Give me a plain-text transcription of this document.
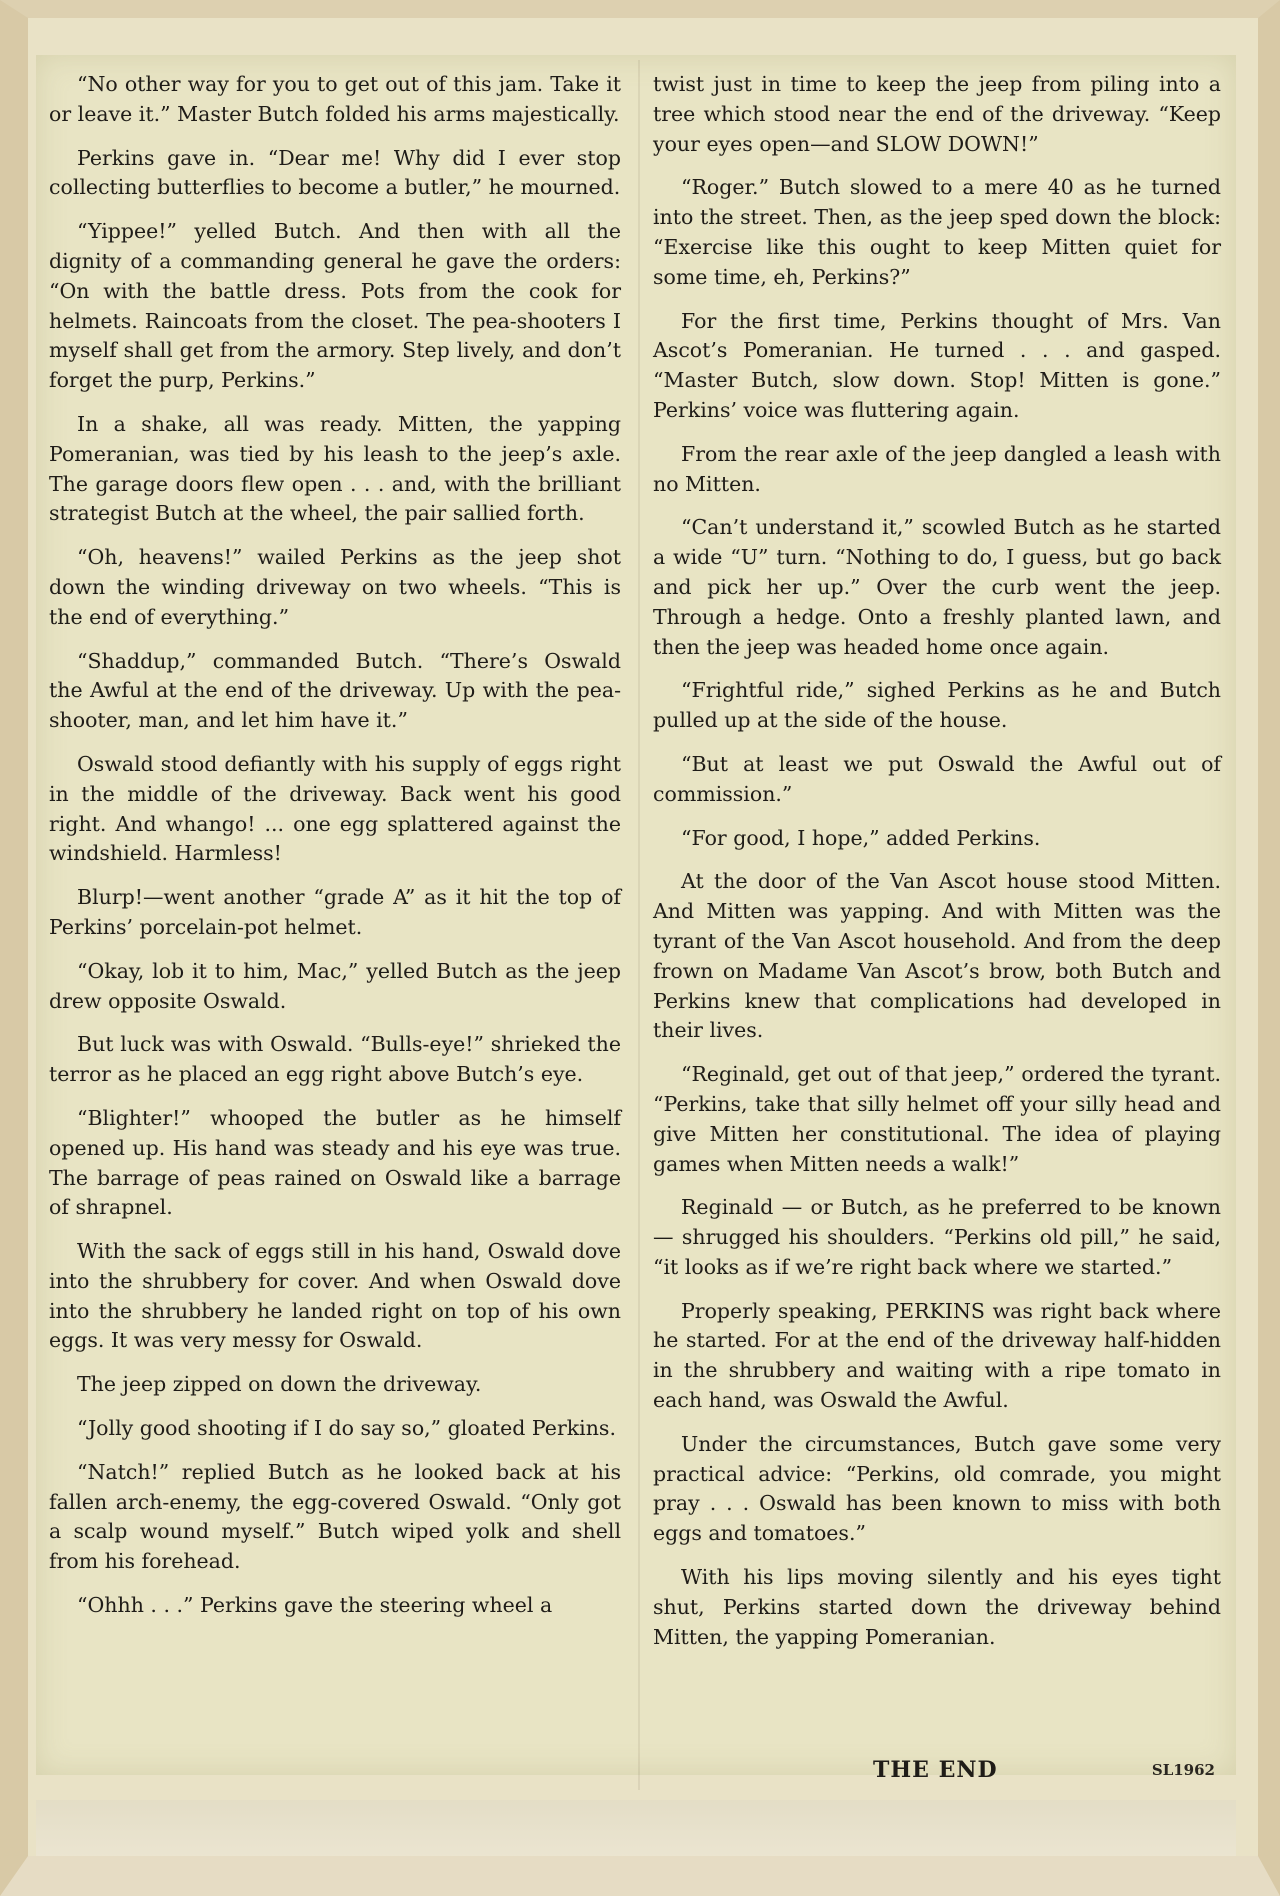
“No other way for you to get out of this jam. Take it or leave it.” Master Butch folded his arms majestically.

Perkins gave in. “Dear me! Why did I ever stop collecting butterflies to become a butler,” he mourned.

“Yippee!” yelled Butch. And then with all the dignity of a commanding general he gave the orders: “On with the battle dress. Pots from the cook for helmets. Raincoats from the closet. The pea-shooters I myself shall get from the armory. Step lively, and don’t forget the purp, Perkins.”

In a shake, all was ready. Mitten, the yapping Pomeranian, was tied by his leash to the jeep’s axle. The garage doors flew open . . . and, with the brilliant strategist Butch at the wheel, the pair sallied forth.

“Oh, heavens!” wailed Perkins as the jeep shot down the winding driveway on two wheels. “This is the end of everything.”

“Shaddup,” commanded Butch. “There’s Oswald the Awful at the end of the driveway. Up with the pea-shooter, man, and let him have it.”

Oswald stood defiantly with his supply of eggs right in the middle of the driveway. Back went his good right. And whango! ... one egg splattered against the windshield. Harmless!

Blurp!—went another “grade A” as it hit the top of Perkins’ porcelain-pot helmet.

“Okay, lob it to him, Mac,” yelled Butch as the jeep drew opposite Oswald.

But luck was with Oswald. “Bulls-eye!” shrieked the terror as he placed an egg right above Butch’s eye.

“Blighter!” whooped the butler as he himself opened up. His hand was steady and his eye was true. The barrage of peas rained on Oswald like a barrage of shrapnel.

With the sack of eggs still in his hand, Oswald dove into the shrubbery for cover. And when Oswald dove into the shrubbery he landed right on top of his own eggs. It was very messy for Oswald.

The jeep zipped on down the driveway.

“Jolly good shooting if I do say so,” gloated Perkins.

“Natch!” replied Butch as he looked back at his fallen arch-enemy, the egg-covered Oswald. “Only got a scalp wound myself.” Butch wiped yolk and shell from his forehead.

“Ohhh . . .” Perkins gave the steering wheel a

twist just in time to keep the jeep from piling into a tree which stood near the end of the driveway. “Keep your eyes open—and SLOW DOWN!”

“Roger.” Butch slowed to a mere 40 as he turned into the street. Then, as the jeep sped down the block: “Exercise like this ought to keep Mitten quiet for some time, eh, Perkins?”

For the first time, Perkins thought of Mrs. Van Ascot’s Pomeranian. He turned . . . and gasped. “Master Butch, slow down. Stop! Mitten is gone.” Perkins’ voice was fluttering again.

From the rear axle of the jeep dangled a leash with no Mitten.

“Can’t understand it,” scowled Butch as he started a wide “U” turn. “Nothing to do, I guess, but go back and pick her up.” Over the curb went the jeep. Through a hedge. Onto a freshly planted lawn, and then the jeep was headed home once again.

“Frightful ride,” sighed Perkins as he and Butch pulled up at the side of the house.

“But at least we put Oswald the Awful out of commission.”

“For good, I hope,” added Perkins.

At the door of the Van Ascot house stood Mitten. And Mitten was yapping. And with Mitten was the tyrant of the Van Ascot household. And from the deep frown on Madame Van Ascot’s brow, both Butch and Perkins knew that complications had developed in their lives.

“Reginald, get out of that jeep,” ordered the tyrant. “Perkins, take that silly helmet off your silly head and give Mitten her constitutional. The idea of playing games when Mitten needs a walk!”

Reginald — or Butch, as he preferred to be known — shrugged his shoulders. “Perkins old pill,” he said, “it looks as if we’re right back where we started.”

Properly speaking, PERKINS was right back where he started. For at the end of the driveway half-hidden in the shrubbery and waiting with a ripe tomato in each hand, was Oswald the Awful.

Under the circumstances, Butch gave some very practical advice: “Perkins, old comrade, you might pray . . . Oswald has been known to miss with both eggs and tomatoes.”

With his lips moving silently and his eyes tight shut, Perkins started down the driveway behind Mitten, the yapping Pomeranian.

THE END	SL1962
